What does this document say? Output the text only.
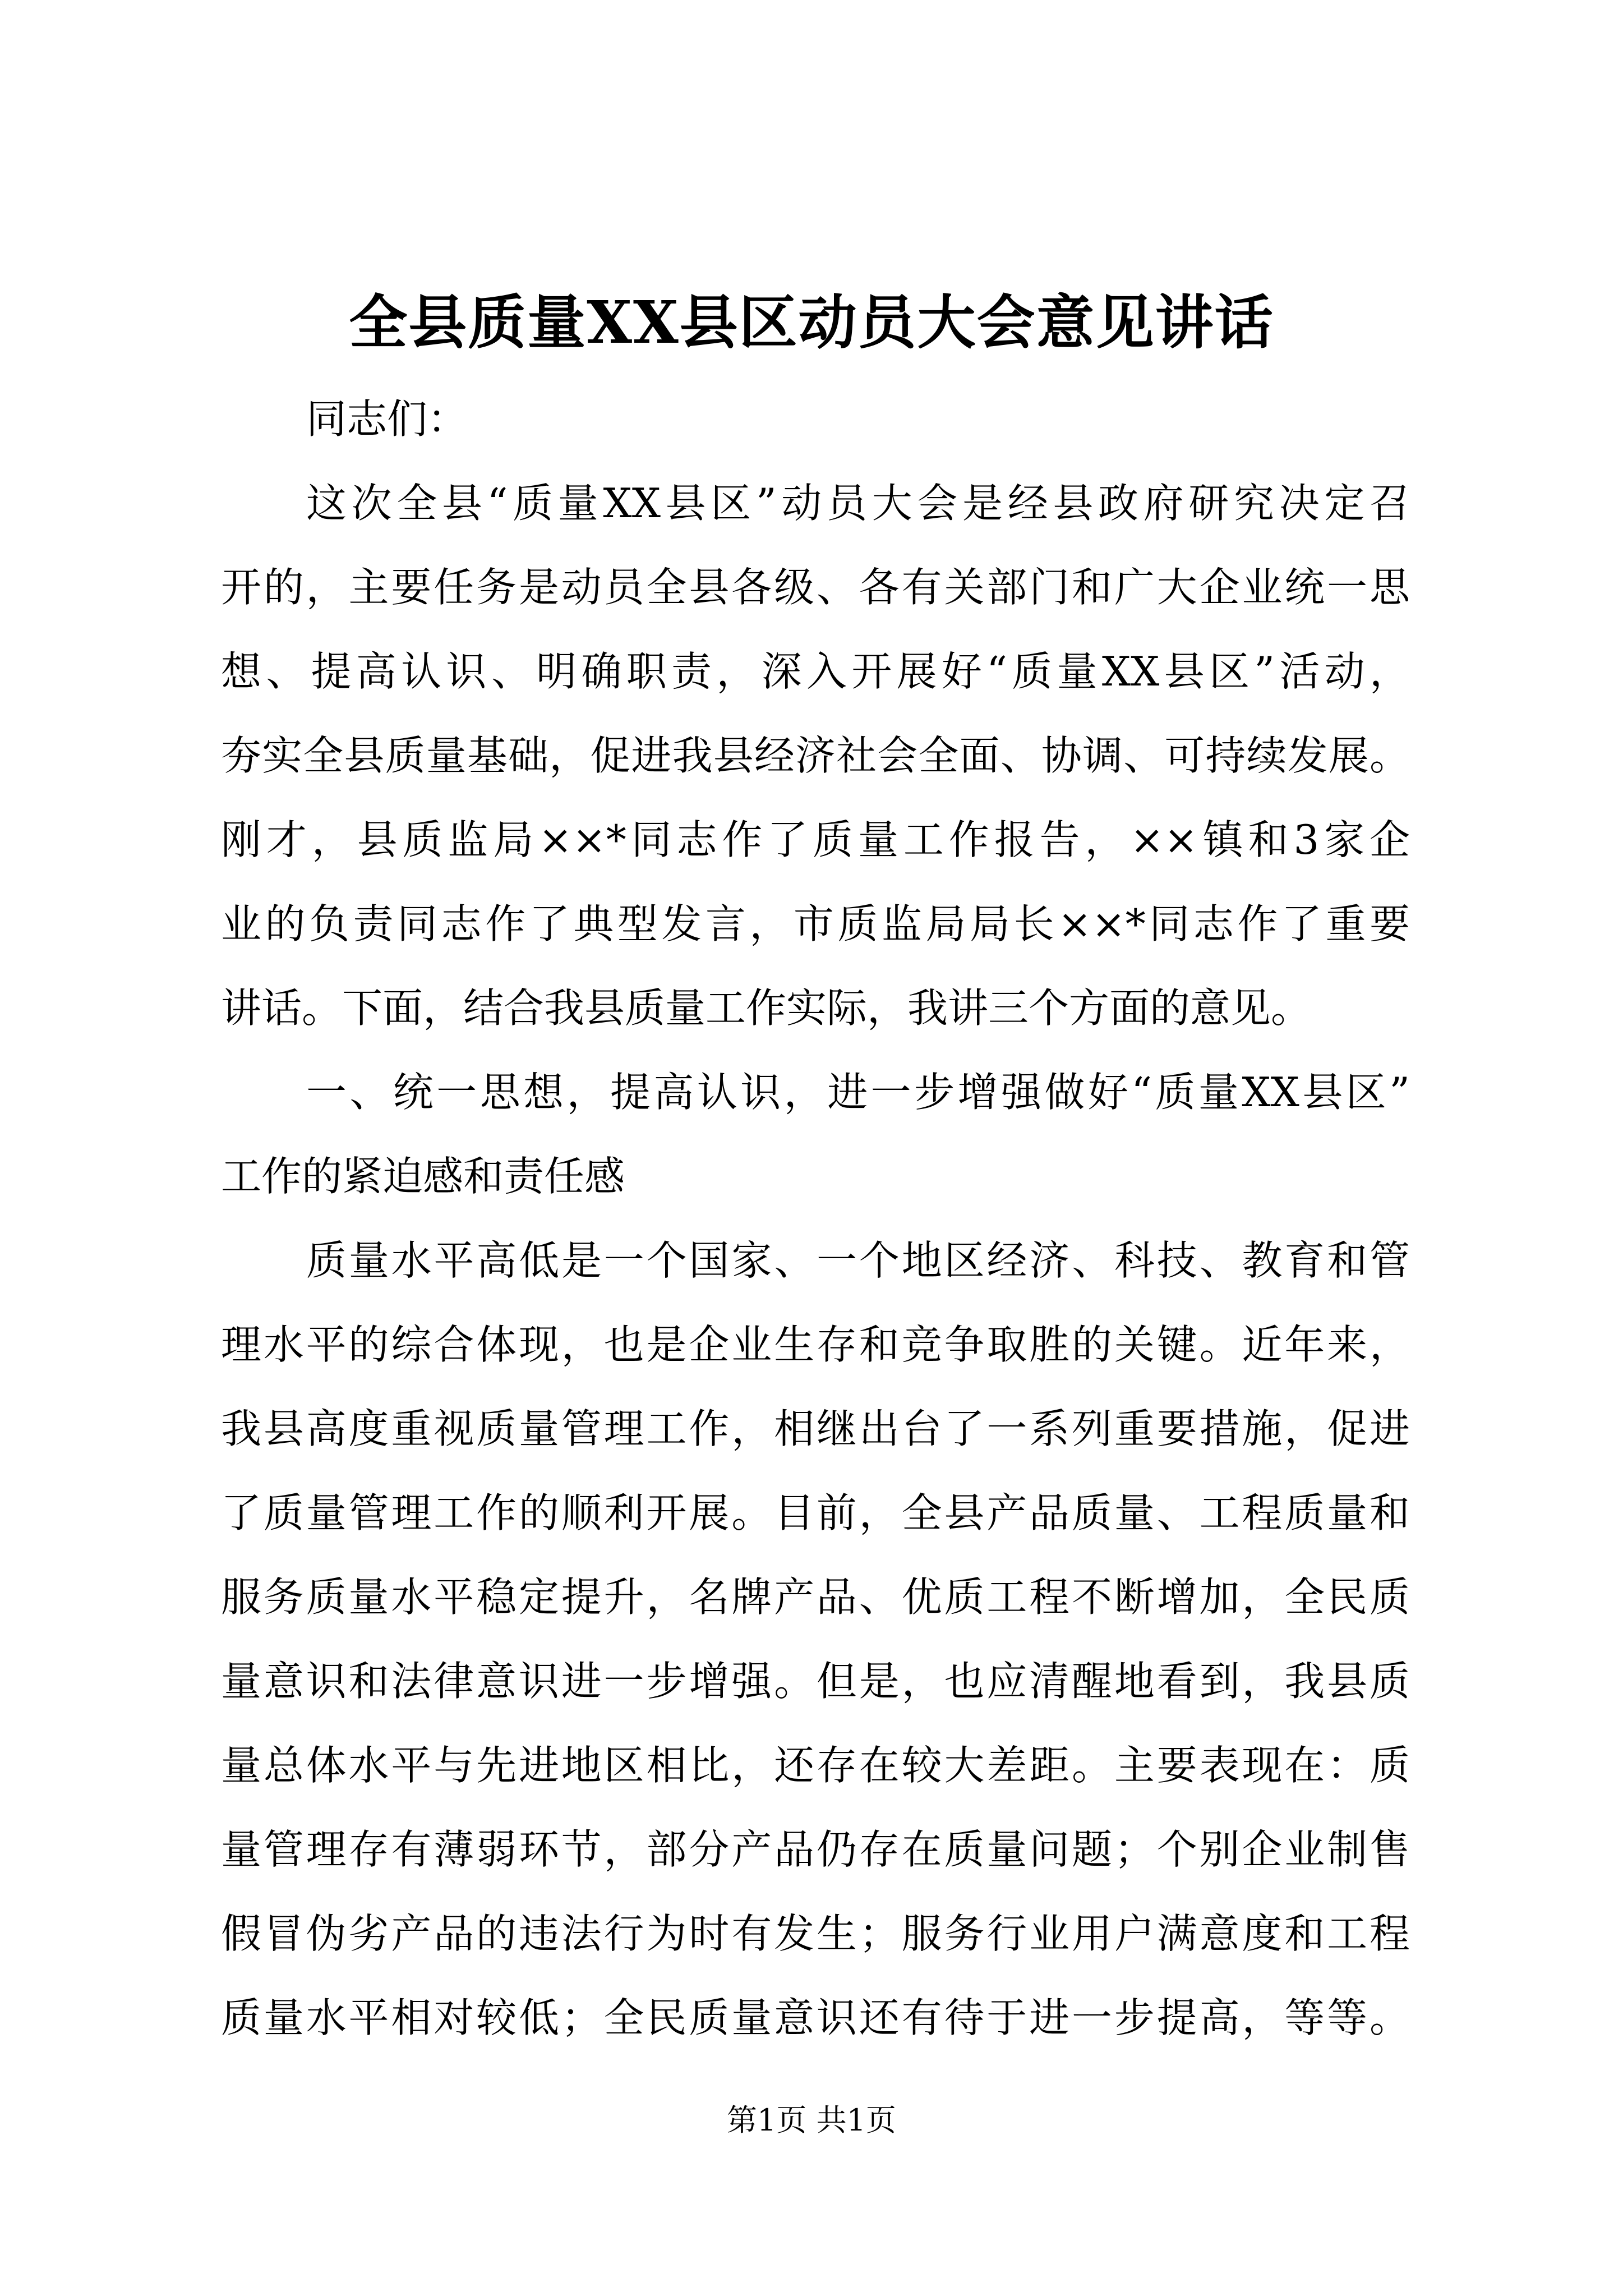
全县质量XX县区动员大会意见讲话
同志们：
这次全县“质量XX县区”动员大会是经县政府研究决定召
开的，主要任务是动员全县各级、各有关部门和广大企业统一思
想、提高认识、明确职责，深入开展好“质量XX县区”活动，
夯实全县质量基础，促进我县经济社会全面、协调、可持续发展。
刚才，县质监局××*同志作了质量工作报告，××镇和3家企
业的负责同志作了典型发言，市质监局局长××*同志作了重要
讲话。下面，结合我县质量工作实际，我讲三个方面的意见。
一、统一思想，提高认识，进一步增强做好“质量XX县区”
工作的紧迫感和责任感
质量水平高低是一个国家、一个地区经济、科技、教育和管
理水平的综合体现，也是企业生存和竞争取胜的关键。近年来，
我县高度重视质量管理工作，相继出台了一系列重要措施，促进
了质量管理工作的顺利开展。目前，全县产品质量、工程质量和
服务质量水平稳定提升，名牌产品、优质工程不断增加，全民质
量意识和法律意识进一步增强。但是，也应清醒地看到，我县质
量总体水平与先进地区相比，还存在较大差距。主要表现在：质
量管理存有薄弱环节，部分产品仍存在质量问题；个别企业制售
假冒伪劣产品的违法行为时有发生；服务行业用户满意度和工程
质量水平相对较低；全民质量意识还有待于进一步提高，等等。
第1页 共1页
